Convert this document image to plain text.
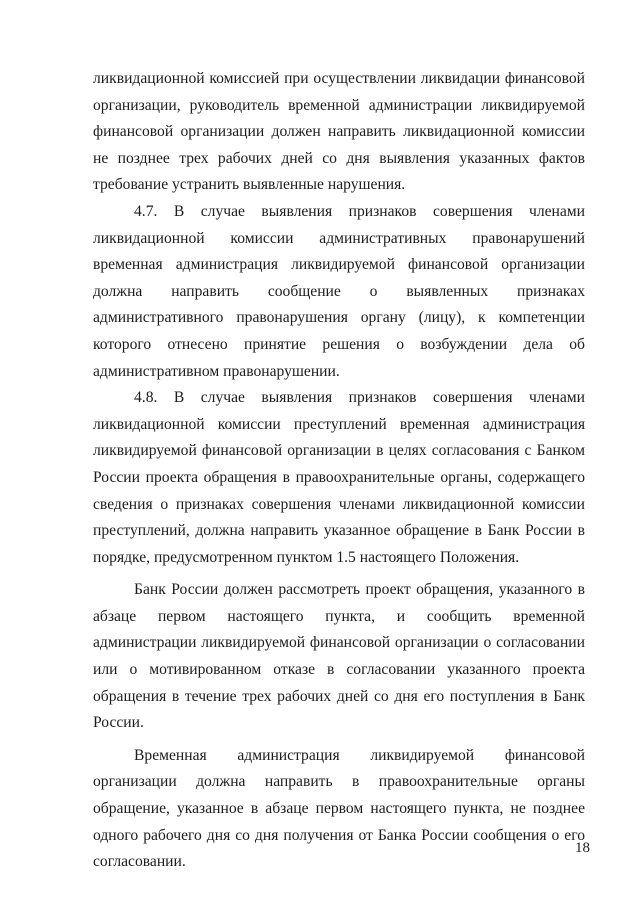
ликвидационной комиссией при осуществлении ликвидации финансовой организации, руководитель временной администрации ликвидируемой финансовой организации должен направить ликвидационной комиссии не позднее трех рабочих дней со дня выявления указанных фактов требование устранить выявленные нарушения.

4.7. В случае выявления признаков совершения членами ликвидационной комиссии административных правонарушений временная администрация ликвидируемой финансовой организации должна направить сообщение о выявленных признаках административного правонарушения органу (лицу), к компетенции которого отнесено принятие решения о возбуждении дела об административном правонарушении.

4.8. В случае выявления признаков совершения членами ликвидационной комиссии преступлений временная администрация ликвидируемой финансовой организации в целях согласования с Банком России проекта обращения в правоохранительные органы, содержащего сведения о признаках совершения членами ликвидационной комиссии преступлений, должна направить указанное обращение в Банк России в порядке, предусмотренном пунктом 1.5 настоящего Положения.

Банк России должен рассмотреть проект обращения, указанного в абзаце первом настоящего пункта, и сообщить временной администрации ликвидируемой финансовой организации о согласовании или о мотивированном отказе в согласовании указанного проекта обращения в течение трех рабочих дней со дня его поступления в Банк России.

Временная администрация ликвидируемой финансовой организации должна направить в правоохранительные органы обращение, указанное в абзаце первом настоящего пункта, не позднее одного рабочего дня со дня получения от Банка России сообщения о его согласовании.

18
